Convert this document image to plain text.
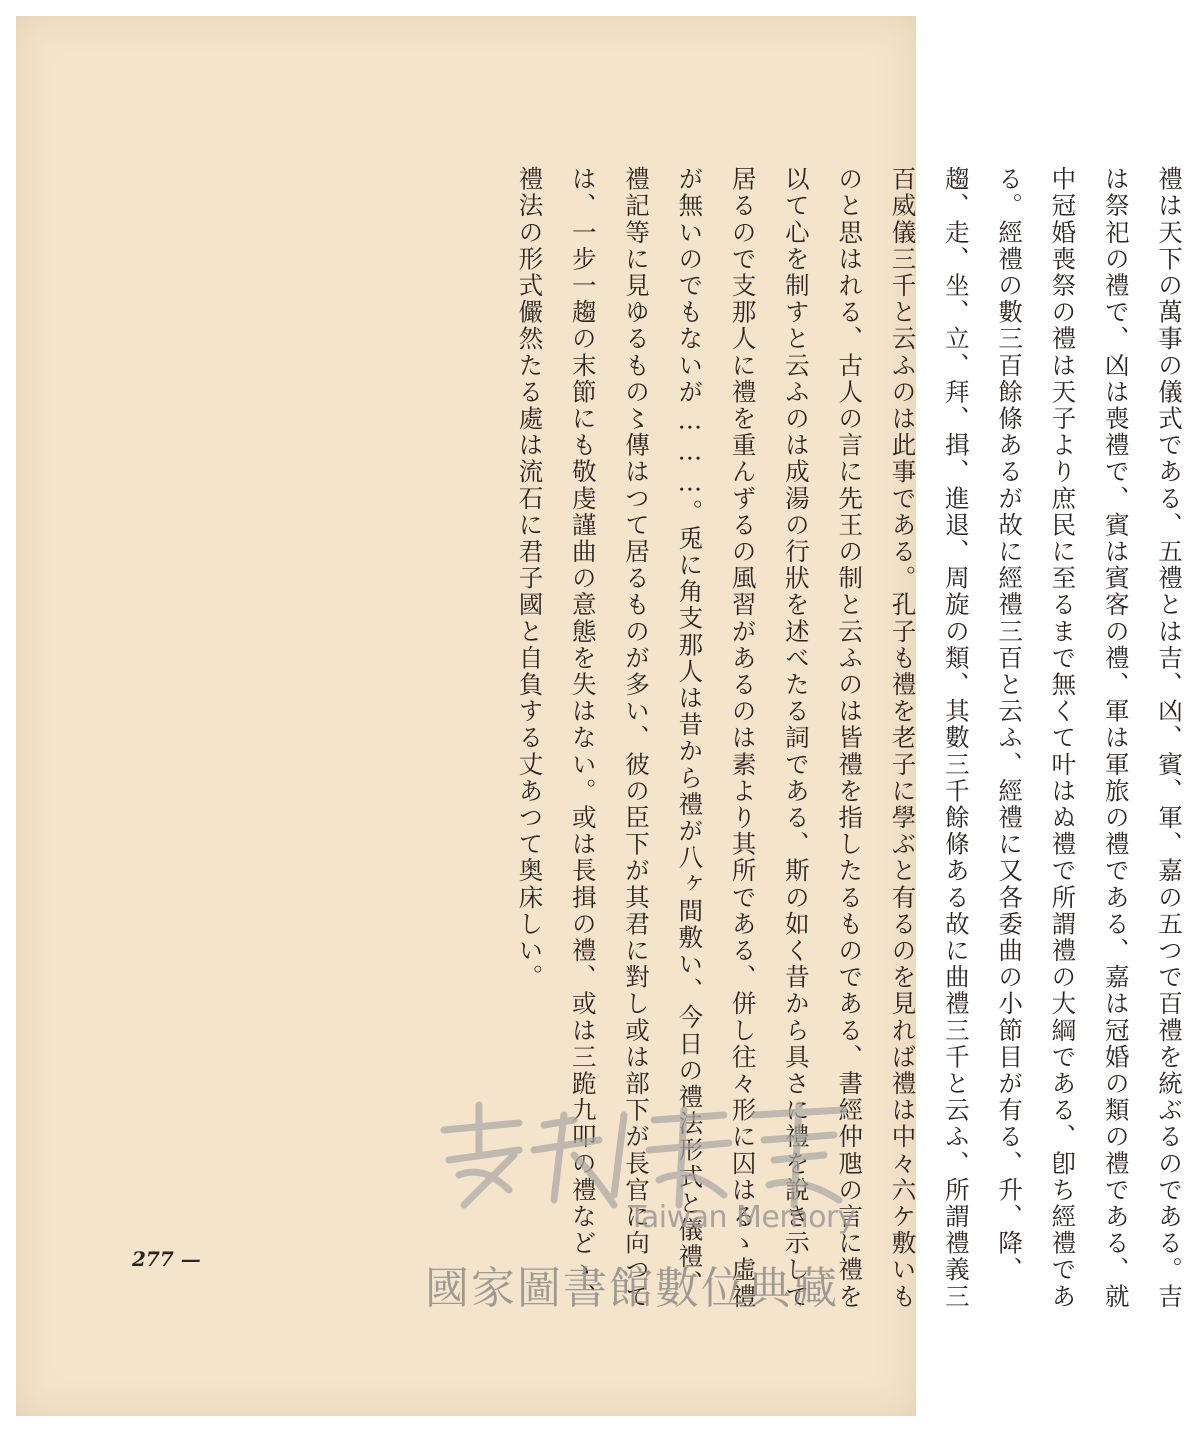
禮は天下の萬事の儀式である、五禮とは吉、凶、賓、軍、嘉の五つで百禮を統ぶるのである。吉
は祭祀の禮で、凶は喪禮で、賓は賓客の禮、軍は軍旅の禮である、嘉は冠婚の類の禮である、就
中冠婚喪祭の禮は天子より庶民に至るまで無くて叶はぬ禮で所謂禮の大綱である、卽ち經禮であ
る。經禮の數三百餘條あるが故に經禮三百と云ふ、經禮に又各委曲の小節目が有る、升、降、
趨、走、坐、立、拜、揖、進退、周旋の類、其數三千餘條ある故に曲禮三千と云ふ、所謂禮義三
百威儀三千と云ふのは此事である。孔子も禮を老子に學ぶと有るのを見れば禮は中々六ケ敷いも
のと思はれる、古人の言に先王の制と云ふのは皆禮を指したるものである、書經仲虺の言に禮を
以て心を制すと云ふのは成湯の行狀を述べたる詞である、斯の如く昔から具さに禮を說き示して
居るので支那人に禮を重んずるの風習があるのは素より其所である、併し往々形に囚はるゝ虛禮
が無いのでもないが………。兎に角支那人は昔から禮が八ヶ間敷い、今日の禮法形式と儀禮、
禮記等に見ゆるもの〻傳はつて居るものが多い、彼の臣下が其君に對し或は部下が長官に向つて
は、一步一趨の末節にも敬虔謹曲の意態を失はない。或は長揖の禮、或は三跪九叩の禮などゝ、
禮法の形式儼然たる處は流石に君子國と自負する丈あつて奥床しい。
277 —
Taiwan Memory
國家圖書館數位典藏
